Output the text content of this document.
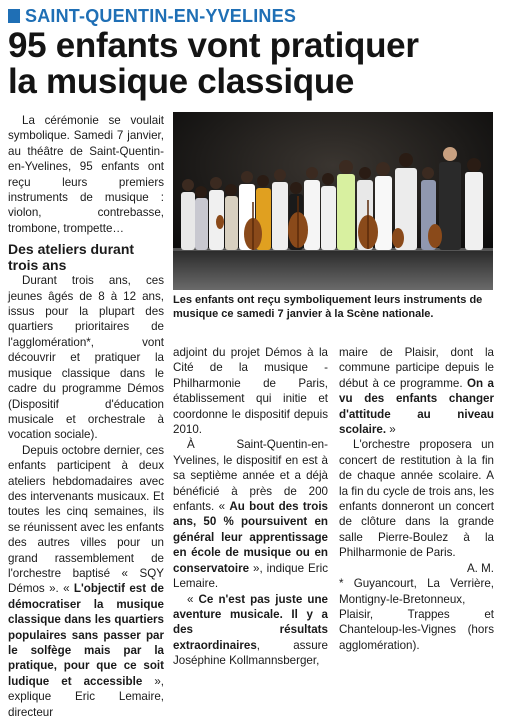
SAINT-QUENTIN-EN-YVELINES
95 enfants vont pratiquer
la musique classique

La cérémonie se voulait symbolique. Samedi 7 janvier, au théâtre de Saint-Quentin-en-Yvelines, 95 enfants ont reçu leurs premiers instruments de musique : violon, contrebasse, trombone, trompette…

Des ateliers durant trois ans

Durant trois ans, ces jeunes âgés de 8 à 12 ans, issus pour la plupart des quartiers prioritaires de l'agglomération*, vont découvrir et pratiquer la musique classique dans le cadre du programme Démos (Dispositif d'éducation musicale et orchestrale à vocation sociale).

Depuis octobre dernier, ces enfants participent à deux ateliers hebdomadaires avec des intervenants musicaux. Et toutes les cinq semaines, ils se réunissent avec les enfants des autres villes pour un grand rassemblement de l'orchestre baptisé « SQY Démos ». « L'objectif est de démocratiser la musique classique dans les quartiers populaires sans passer par le solfège mais par la pratique, pour que ce soit ludique et accessible », explique Eric Lemaire, directeur

Les enfants ont reçu symboliquement leurs instruments de musique ce samedi 7 janvier à la Scène nationale.

adjoint du projet Démos à la Cité de la musique - Philharmonie de Paris, établissement qui initie et coordonne le dispositif depuis 2010.

À Saint-Quentin-en-Yvelines, le dispositif en est à sa septième année et a déjà bénéficié à près de 200 enfants. « Au bout des trois ans, 50 % poursuivent en général leur apprentissage en école de musique ou en conservatoire », indique Eric Lemaire.

« Ce n'est pas juste une aventure musicale. Il y a des résultats extraordinaires, assure Joséphine Kollmannsberger,

maire de Plaisir, dont la commune participe depuis le début à ce programme. On a vu des enfants changer d'attitude au niveau scolaire. »

L'orchestre proposera un concert de restitution à la fin de chaque année scolaire. A la fin du cycle de trois ans, les enfants donneront un concert de clôture dans la grande salle Pierre-Boulez à la Philharmonie de Paris.

A. M.

* Guyancourt, La Verrière, Montigny-le-Bretonneux, Plaisir, Trappes et Chanteloup-les-Vignes (hors agglomération).
